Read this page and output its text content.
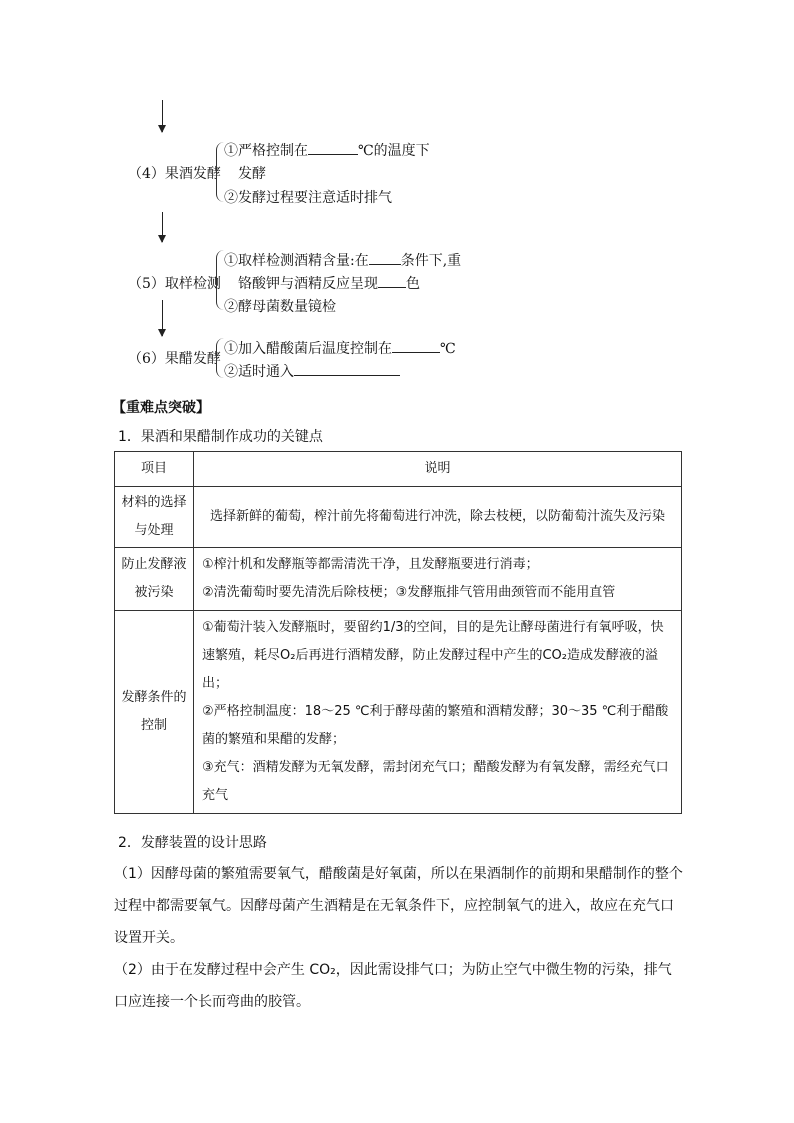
（4）果酒发酵
①严格控制在	℃的温度下
发酵
②发酵过程要注意适时排气
（5）取样检测
①取样检测酒精含量:在 条件下,重
铬酸钾与酒精反应呈现 色
②酵母菌数量镜检
（6）果醋发酵
①加入醋酸菌后温度控制在	℃
②适时通入
【重难点突破】
1．果酒和果醋制作成功的关键点
项目	说明
材料的选择与处理	选择新鲜的葡萄，榨汁前先将葡萄进行冲洗，除去枝梗，以防葡萄汁流失及污染

防止发酵液被污染	①榨汁机和发酵瓶等都需清洗干净，且发酵瓶要进行消毒；
②清洗葡萄时要先清洗后除枝梗；③发酵瓶排气管用曲颈管而不能用直管

发酵条件的控制	①葡萄汁装入发酵瓶时，要留约1/3的空间，目的是先让酵母菌进行有氧呼吸，快速繁殖，耗尽O₂后再进行酒精发酵，防止发酵过程中产生的CO₂造成发酵液的溢出；
②严格控制温度：18～25 ℃利于酵母菌的繁殖和酒精发酵；30～35 ℃利于醋酸菌的繁殖和果醋的发酵；
③充气：酒精发酵为无氧发酵，需封闭充气口；醋酸发酵为有氧发酵，需经充气口充气
2．发酵装置的设计思路
（1）因酵母菌的繁殖需要氧气，醋酸菌是好氧菌，所以在果酒制作的前期和果醋制作的整个过程中都需要氧气。因酵母菌产生酒精是在无氧条件下，应控制氧气的进入，故应在充气口设置开关。
（2）由于在发酵过程中会产生 CO₂，因此需设排气口；为防止空气中微生物的污染，排气口应连接一个长而弯曲的胶管。
